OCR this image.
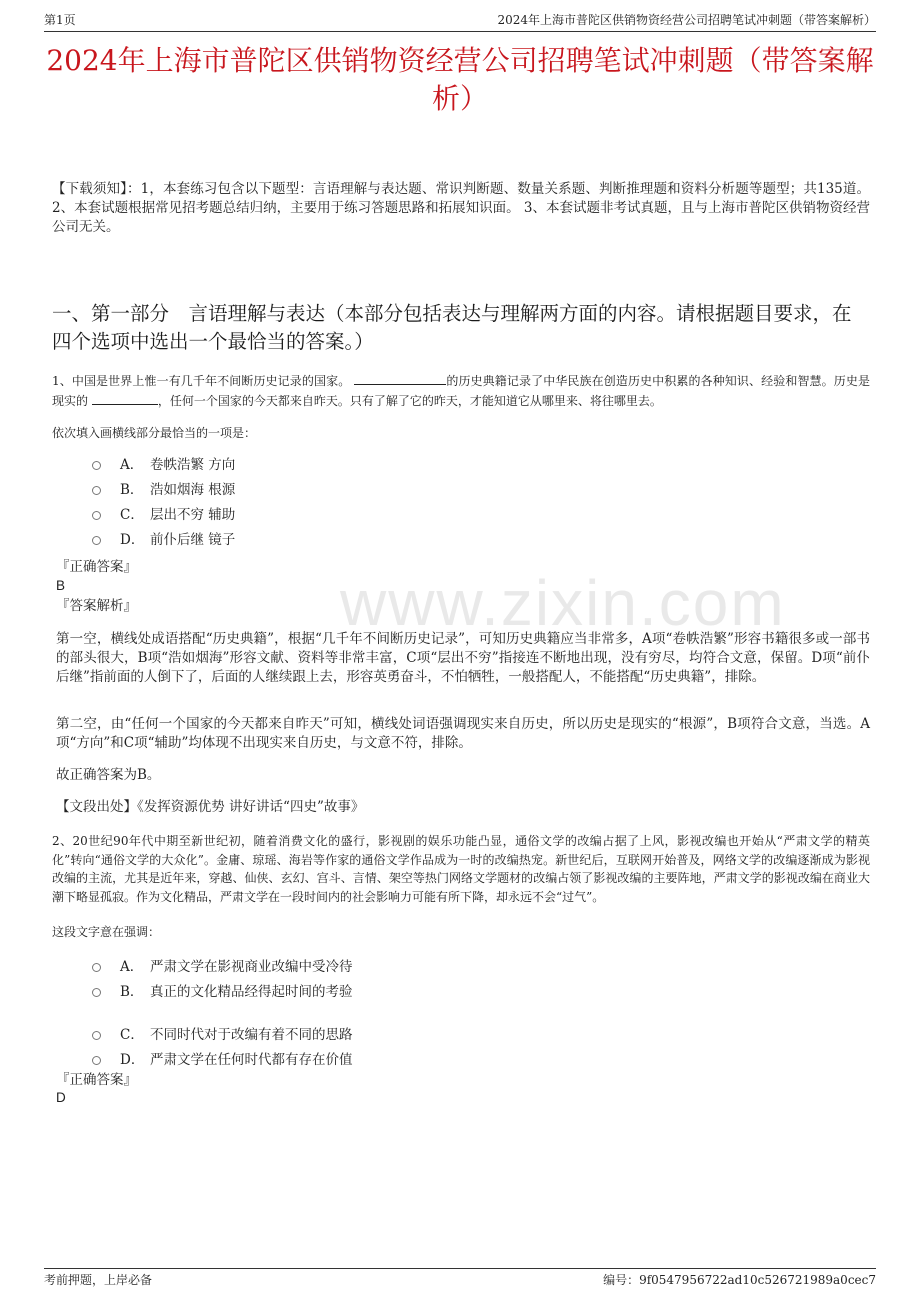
第1页	2024年上海市普陀区供销物资经营公司招聘笔试冲刺题（带答案解析）
www.zixin.com
2024年上海市普陀区供销物资经营公司招聘笔试冲刺题（带答案解析）
【下载须知】：1，本套练习包含以下题型：言语理解与表达题、常识判断题、数量关系题、判断推理题和资料分析题等题型；共135道。 2、本套试题根据常见招考题总结归纳，主要用于练习答题思路和拓展知识面。 3、本套试题非考试真题，且与上海市普陀区供销物资经营公司无关。
一、第一部分　言语理解与表达（本部分包括表达与理解两方面的内容。请根据题目要求，在四个选项中选出一个最恰当的答案。）
1、中国是世界上惟一有几千年不间断历史记录的国家。	的历史典籍记录了中华民族在创造历史中积累的各种知识、经验和智慧。历史是现实的	，任何一个国家的今天都来自昨天。只有了解了它的昨天，才能知道它从哪里来、将往哪里去。
依次填入画横线部分最恰当的一项是：
A． 卷帙浩繁 方向
B． 浩如烟海 根源
C． 层出不穷 辅助
D． 前仆后继 镜子
『正确答案』
B
『答案解析』
第一空，横线处成语搭配“历史典籍”，根据“几千年不间断历史记录”，可知历史典籍应当非常多，A项“卷帙浩繁”形容书籍很多或一部书的部头很大，B项“浩如烟海”形容文献、资料等非常丰富，C项“层出不穷”指接连不断地出现，没有穷尽，均符合文意，保留。D项“前仆后继”指前面的人倒下了，后面的人继续跟上去，形容英勇奋斗，不怕牺牲，一般搭配人，不能搭配“历史典籍”，排除。
第二空，由“任何一个国家的今天都来自昨天”可知，横线处词语强调现实来自历史，所以历史是现实的“根源”，B项符合文意，当选。A项“方向”和C项“辅助”均体现不出现实来自历史，与文意不符，排除。
故正确答案为B。
【文段出处】《发挥资源优势 讲好讲话“四史”故事》
2、20世纪90年代中期至新世纪初，随着消费文化的盛行，影视剧的娱乐功能凸显，通俗文学的改编占据了上风，影视改编也开始从“严肃文学的精英化”转向“通俗文学的大众化”。金庸、琼瑶、海岩等作家的通俗文学作品成为一时的改编热宠。新世纪后，互联网开始普及，网络文学的改编逐渐成为影视改编的主流，尤其是近年来，穿越、仙侠、玄幻、宫斗、言情、架空等热门网络文学题材的改编占领了影视改编的主要阵地，严肃文学的影视改编在商业大潮下略显孤寂。作为文化精品，严肃文学在一段时间内的社会影响力可能有所下降，却永远不会“过气”。
这段文字意在强调：
A． 严肃文学在影视商业改编中受冷待
B． 真正的文化精品经得起时间的考验
C． 不同时代对于改编有着不同的思路
D． 严肃文学在任何时代都有存在价值
『正确答案』
D
考前押题，上岸必备	编号：9f0547956722ad10c526721989a0cec7
